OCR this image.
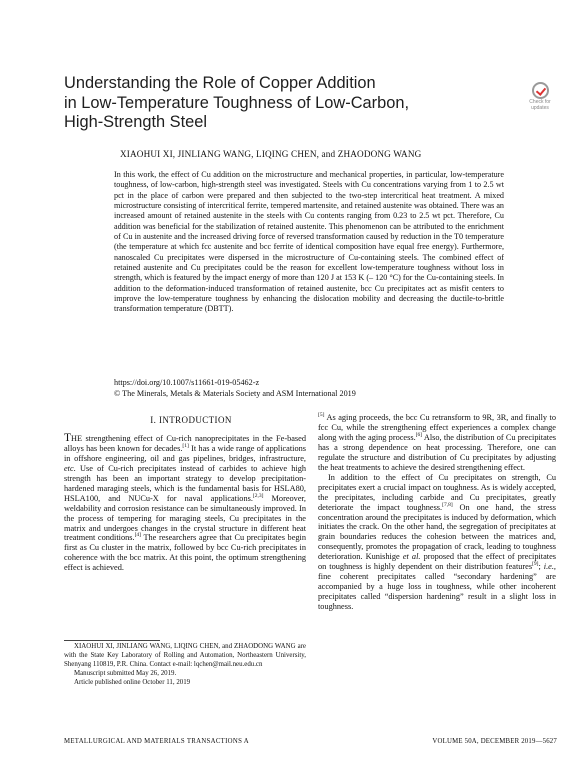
Understanding the Role of Copper Addition
in Low-Temperature Toughness of Low-Carbon,
High-Strength Steel
Check for
updates
XIAOHUI XI, JINLIANG WANG, LIQING CHEN, and ZHAODONG WANG

In this work, the effect of Cu addition on the microstructure and mechanical properties, in particular, low-temperature toughness, of low-carbon, high-strength steel was investigated. Steels with Cu concentrations varying from 1 to 2.5 wt pct in the place of carbon were prepared and then subjected to the two-step intercritical heat treatment. A mixed microstructure consisting of intercritical ferrite, tempered martensite, and retained austenite was obtained. There was an increased amount of retained austenite in the steels with Cu contents ranging from 0.23 to 2.5 wt pct. Therefore, Cu addition was beneficial for the stabilization of retained austenite. This phenomenon can be attributed to the enrichment of Cu in austenite and the increased driving force of reversed transformation caused by reduction in the T0 temperature (the temperature at which fcc austenite and bcc ferrite of identical composition have equal free energy). Furthermore, nanoscaled Cu precipitates were dispersed in the microstructure of Cu-containing steels. The combined effect of retained austenite and Cu precipitates could be the reason for excellent low-temperature toughness without loss in strength, which is featured by the impact energy of more than 120 J at 153 K (– 120 °C) for the Cu-containing steels. In addition to the deformation-induced transformation of retained austenite, bcc Cu precipitates act as misfit centers to improve the low-temperature toughness by enhancing the dislocation mobility and decreasing the ductile-to-brittle transformation temperature (DBTT).

https://doi.org/10.1007/s11661-019-05462-z
© The Minerals, Metals & Materials Society and ASM International 2019

I. INTRODUCTION

THE strengthening effect of Cu-rich nanoprecipitates in the Fe-based alloys has been known for decades.[1] It has a wide range of applications in offshore engineering, oil and gas pipelines, bridges, infrastructure, etc. Use of Cu-rich precipitates instead of carbides to achieve high strength has been an important strategy to develop precipitation-hardened maraging steels, which is the fundamental basis for HSLA80, HSLA100, and NUCu-X for naval applications.[2,3] Moreover, weldability and corrosion resistance can be simultaneously improved. In the process of tempering for maraging steels, Cu precipitates in the matrix and undergoes changes in the crystal structure in different heat treatment conditions.[4] The researchers agree that Cu precipitates begin first as Cu cluster in the matrix, followed by bcc Cu-rich precipitates in coherence with the bcc matrix. At this point, the optimum strengthening effect is achieved.

XIAOHUI XI, JINLIANG WANG, LIQING CHEN, and ZHAODONG WANG are with the State Key Laboratory of Rolling and Automation, Northeastern University, Shenyang 110819, P.R. China. Contact e-mail: lqchen@mail.neu.edu.cn

Manuscript submitted May 26, 2019.

Article published online October 11, 2019

[5] As aging proceeds, the bcc Cu retransform to 9R, 3R, and finally to fcc Cu, while the strengthening effect experiences a complex change along with the aging process.[6] Also, the distribution of Cu precipitates has a strong dependence on heat processing. Therefore, one can regulate the structure and distribution of Cu precipitates by adjusting the heat treatments to achieve the desired strengthening effect.

In addition to the effect of Cu precipitates on strength, Cu precipitates exert a crucial impact on toughness. As is widely accepted, the precipitates, including carbide and Cu precipitates, greatly deteriorate the impact toughness.[7,8] On one hand, the stress concentration around the precipitates is induced by deformation, which initiates the crack. On the other hand, the segregation of precipitates at grain boundaries reduces the cohesion between the matrices and, consequently, promotes the propagation of crack, leading to toughness deterioration. Kunishige et al. proposed that the effect of precipitates on toughness is highly dependent on their distribution features[9]; i.e., fine coherent precipitates called “secondary hardening” are accompanied by a huge loss in toughness, while other incoherent precipitates called “dispersion hardening” result in a slight loss in toughness.

METALLURGICAL AND MATERIALS TRANSACTIONS A	VOLUME 50A, DECEMBER 2019—5627
